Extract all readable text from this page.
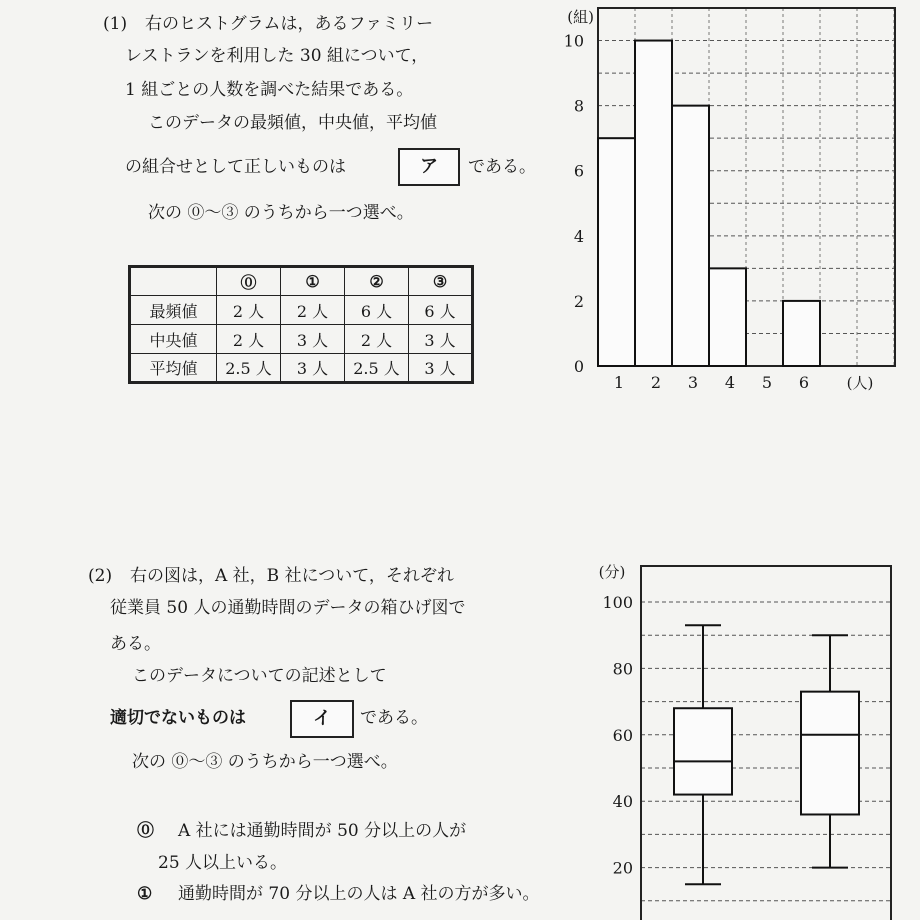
(1) 右のヒストグラムは，あるファミリー
レストランを利用した 30 組について，
1 組ごとの人数を調べた結果である。
このデータの最頻値，中央値，平均値
の組合せとして正しいものは	ア	である。
次の ⓪～③ のうちから一つ選べ。
	⓪	①	②	③
最頻値	2 人	2 人	6 人	6 人
中央値	2 人	3 人	2 人	3 人
平均値	2.5 人	3 人	2.5 人	3 人
(2) 右の図は，A 社，B 社について，それぞれ
従業員 50 人の通勤時間のデータの箱ひげ図で
ある。
このデータについての記述として
適切でないものは	イ	である。
次の ⓪～③ のうちから一つ選べ。
⓪ A 社には通勤時間が 50 分以上の人が
25 人以上いる。
① 通勤時間が 70 分以上の人は A 社の方が多い。
0
2
4
6
8
10
1 2 3 4 5 6
(組)
(人)
20
40
60
80
100
(分)
